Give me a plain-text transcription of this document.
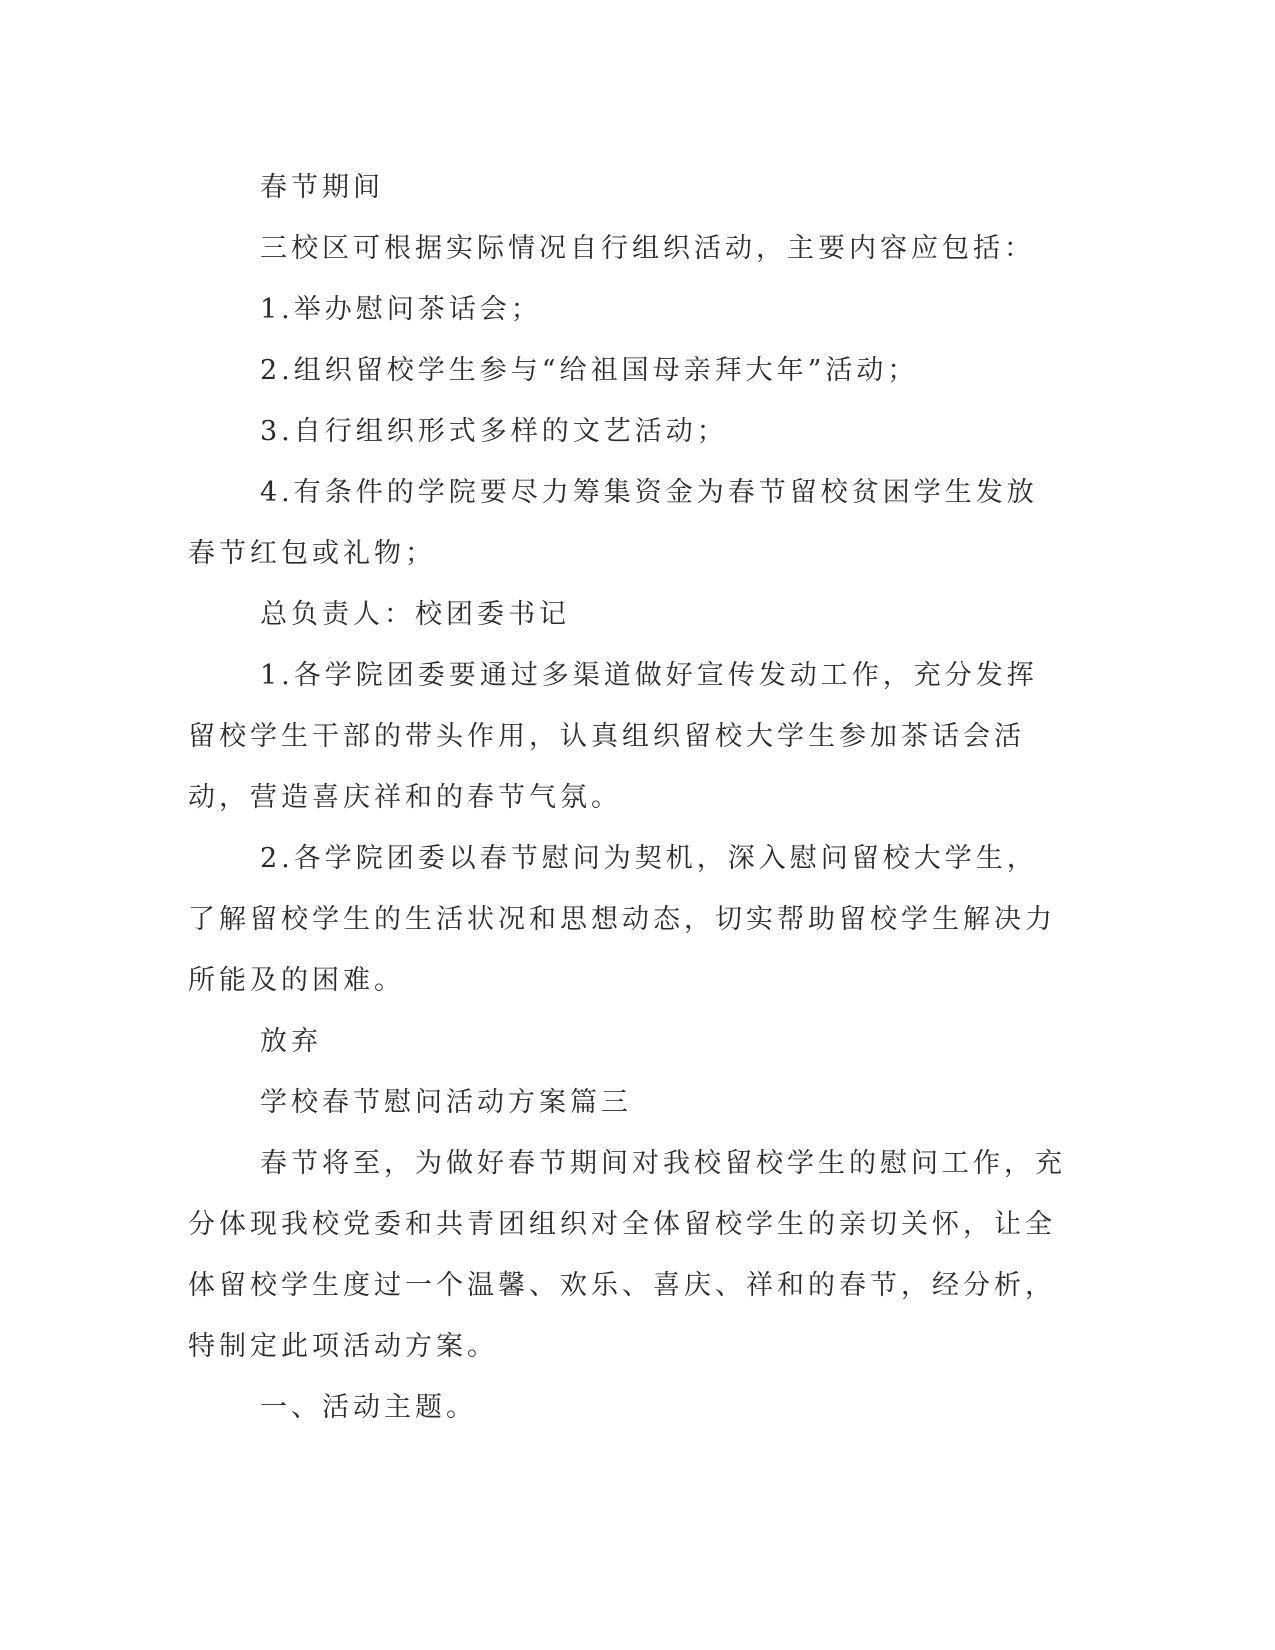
春节期间

三校区可根据实际情况自行组织活动，主要内容应包括：

1.举办慰问茶话会；

2.组织留校学生参与“给祖国母亲拜大年”活动；

3.自行组织形式多样的文艺活动；

4.有条件的学院要尽力筹集资金为春节留校贫困学生发放春节红包或礼物；

总负责人：校团委书记

1.各学院团委要通过多渠道做好宣传发动工作，充分发挥留校学生干部的带头作用，认真组织留校大学生参加茶话会活动，营造喜庆祥和的春节气氛。

2.各学院团委以春节慰问为契机，深入慰问留校大学生，了解留校学生的生活状况和思想动态，切实帮助留校学生解决力所能及的困难。

放弃

学校春节慰问活动方案篇三

春节将至，为做好春节期间对我校留校学生的慰问工作，充分体现我校党委和共青团组织对全体留校学生的亲切关怀，让全体留校学生度过一个温馨、欢乐、喜庆、祥和的春节，经分析，特制定此项活动方案。

一、活动主题。
